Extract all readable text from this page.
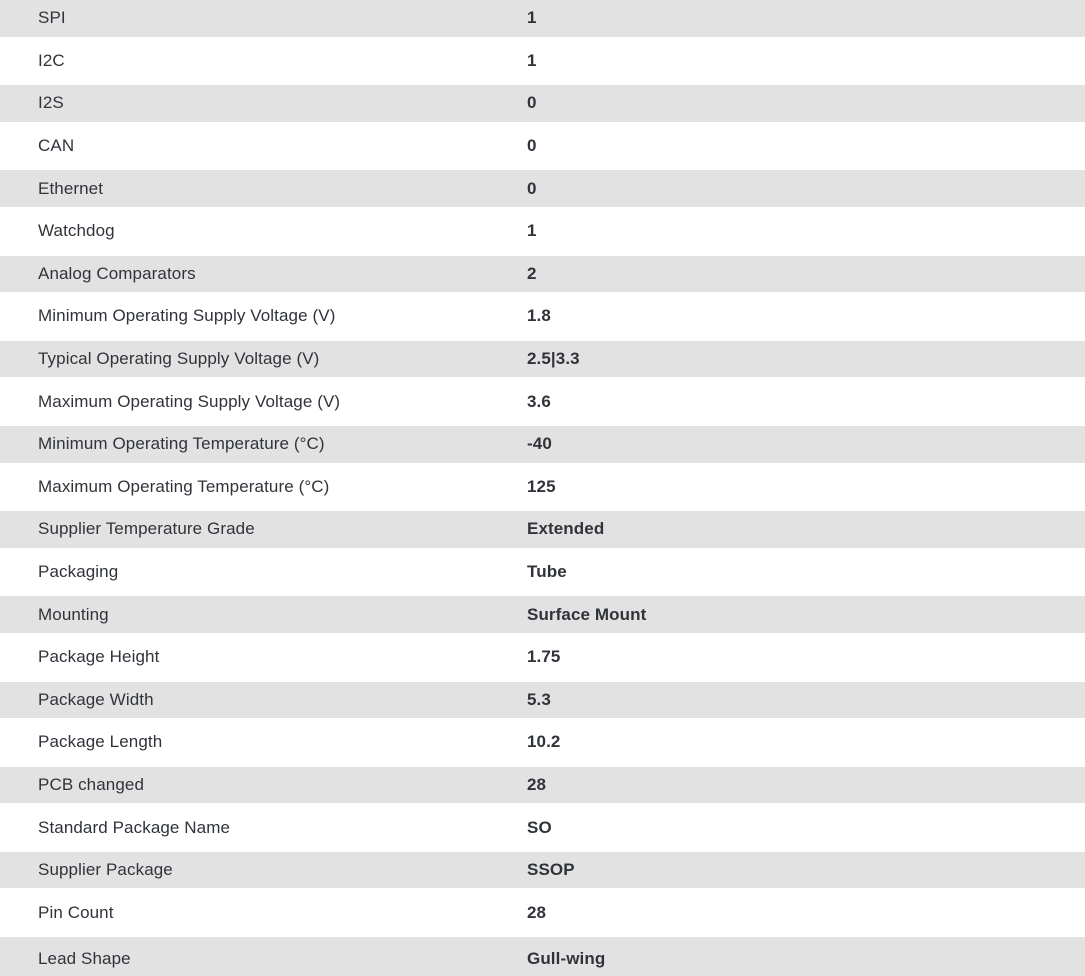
SPI	1
I2C	1
I2S	0
CAN	0
Ethernet	0
Watchdog	1
Analog Comparators	2
Minimum Operating Supply Voltage (V)	1.8
Typical Operating Supply Voltage (V)	2.5|3.3
Maximum Operating Supply Voltage (V)	3.6
Minimum Operating Temperature (°C)	-40
Maximum Operating Temperature (°C)	125
Supplier Temperature Grade	Extended
Packaging	Tube
Mounting	Surface Mount
Package Height	1.75
Package Width	5.3
Package Length	10.2
PCB changed	28
Standard Package Name	SO
Supplier Package	SSOP
Pin Count	28
Lead Shape	Gull-wing
